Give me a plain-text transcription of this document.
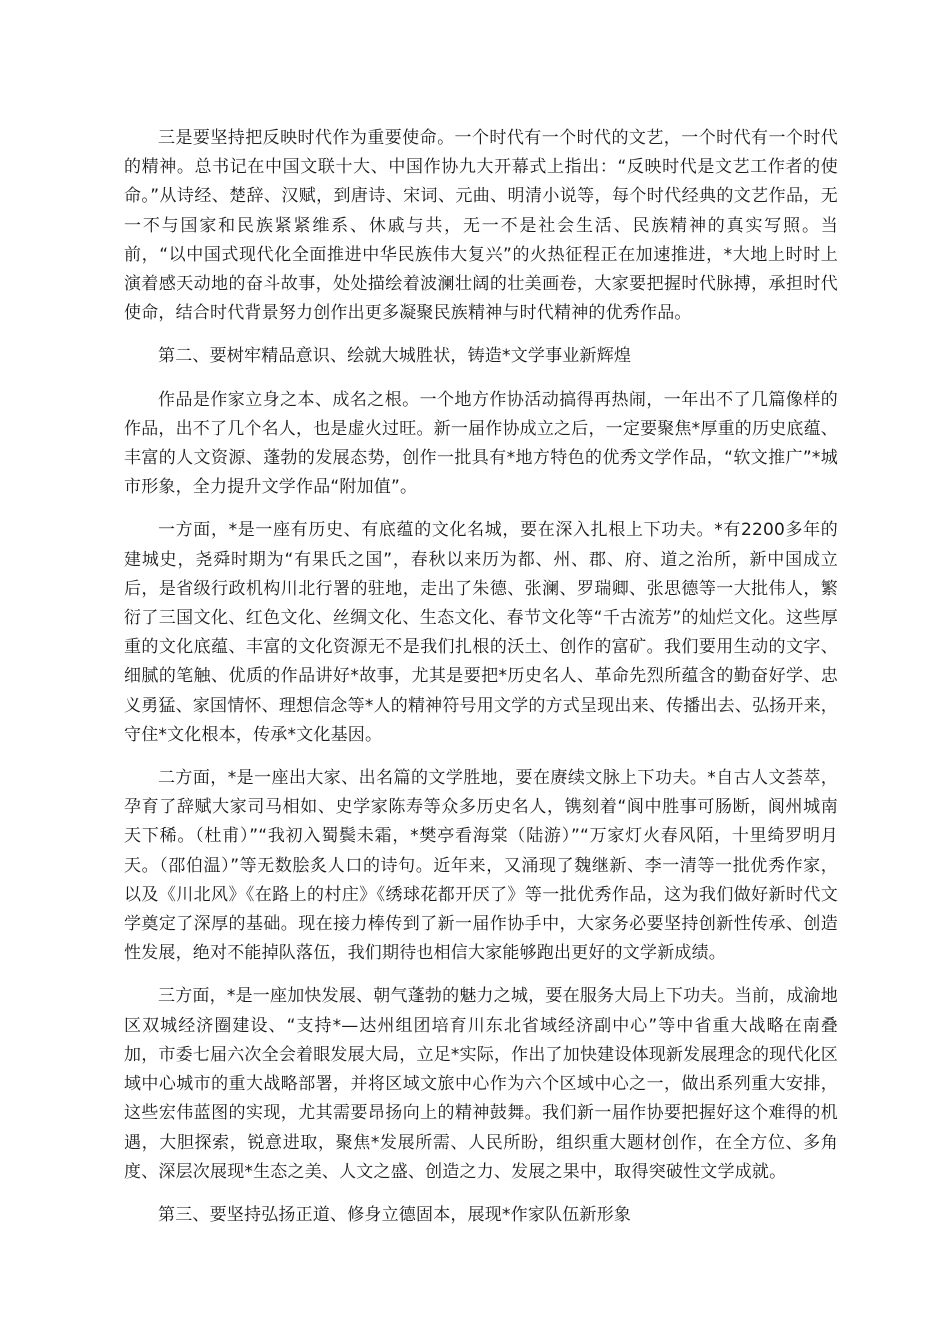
三是要坚持把反映时代作为重要使命。一个时代有一个时代的文艺，一个时代有一个时代的精神。总书记在中国文联十大、中国作协九大开幕式上指出：“反映时代是文艺工作者的使命。”从诗经、楚辞、汉赋，到唐诗、宋词、元曲、明清小说等，每个时代经典的文艺作品，无一不与国家和民族紧紧维系、休戚与共，无一不是社会生活、民族精神的真实写照。当前，“以中国式现代化全面推进中华民族伟大复兴”的火热征程正在加速推进，*大地上时时上演着感天动地的奋斗故事，处处描绘着波澜壮阔的壮美画卷，大家要把握时代脉搏，承担时代使命，结合时代背景努力创作出更多凝聚民族精神与时代精神的优秀作品。

第二、要树牢精品意识、绘就大城胜状，铸造*文学事业新辉煌

作品是作家立身之本、成名之根。一个地方作协活动搞得再热闹，一年出不了几篇像样的作品，出不了几个名人，也是虚火过旺。新一届作协成立之后，一定要聚焦*厚重的历史底蕴、丰富的人文资源、蓬勃的发展态势，创作一批具有*地方特色的优秀文学作品，“软文推广”*城市形象，全力提升文学作品“附加值”。

一方面，*是一座有历史、有底蕴的文化名城，要在深入扎根上下功夫。*有2200多年的建城史，尧舜时期为“有果氏之国”，春秋以来历为都、州、郡、府、道之治所，新中国成立后，是省级行政机构川北行署的驻地，走出了朱德、张澜、罗瑞卿、张思德等一大批伟人，繁衍了三国文化、红色文化、丝绸文化、生态文化、春节文化等“千古流芳”的灿烂文化。这些厚重的文化底蕴、丰富的文化资源无不是我们扎根的沃土、创作的富矿。我们要用生动的文字、细腻的笔触、优质的作品讲好*故事，尤其是要把*历史名人、革命先烈所蕴含的勤奋好学、忠义勇猛、家国情怀、理想信念等*人的精神符号用文学的方式呈现出来、传播出去、弘扬开来，守住*文化根本，传承*文化基因。

二方面，*是一座出大家、出名篇的文学胜地，要在赓续文脉上下功夫。*自古人文荟萃，孕育了辞赋大家司马相如、史学家陈寿等众多历史名人，镌刻着“阆中胜事可肠断，阆州城南天下稀。（杜甫）”“我初入蜀鬓未霜，*樊亭看海棠（陆游）”“万家灯火春风陌，十里绮罗明月天。（邵伯温）”等无数脍炙人口的诗句。近年来，又涌现了魏继新、李一清等一批优秀作家，以及《川北风》《在路上的村庄》《绣球花都开厌了》等一批优秀作品，这为我们做好新时代文学奠定了深厚的基础。现在接力棒传到了新一届作协手中，大家务必要坚持创新性传承、创造性发展，绝对不能掉队落伍，我们期待也相信大家能够跑出更好的文学新成绩。

三方面，*是一座加快发展、朝气蓬勃的魅力之城，要在服务大局上下功夫。当前，成渝地区双城经济圈建设、“支持*—达州组团培育川东北省域经济副中心”等中省重大战略在南叠加，市委七届六次全会着眼发展大局，立足*实际，作出了加快建设体现新发展理念的现代化区域中心城市的重大战略部署，并将区域文旅中心作为六个区域中心之一，做出系列重大安排，这些宏伟蓝图的实现，尤其需要昂扬向上的精神鼓舞。我们新一届作协要把握好这个难得的机遇，大胆探索，锐意进取，聚焦*发展所需、人民所盼，组织重大题材创作，在全方位、多角度、深层次展现*生态之美、人文之盛、创造之力、发展之果中，取得突破性文学成就。

第三、要坚持弘扬正道、修身立德固本，展现*作家队伍新形象
